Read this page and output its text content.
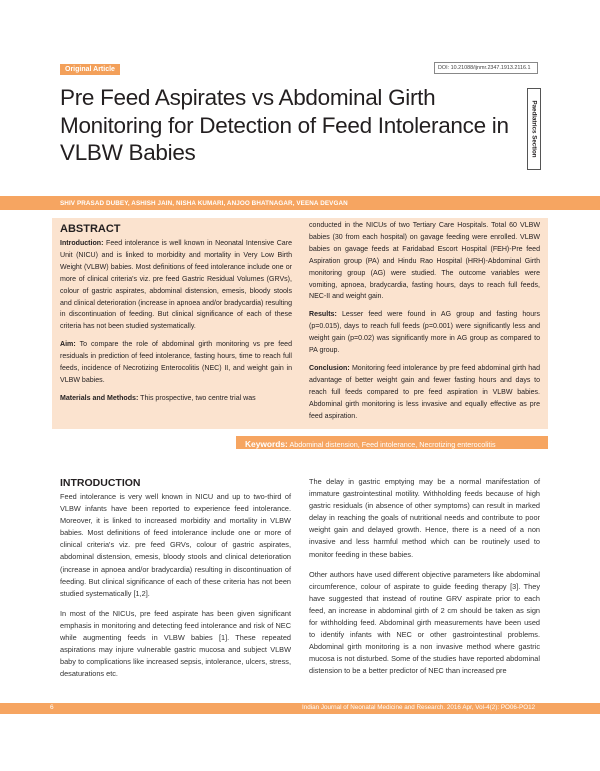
Original Article	DOI: 10.21088/ijnmr.2347.1913.2116.1
Paediatrics Section
Pre Feed Aspirates vs Abdominal Girth Monitoring for Detection of Feed Intolerance in VLBW Babies
SHIV PRASAD DUBEY, ASHISH JAIN, NISHA KUMARI, ANJOO BHATNAGAR, VEENA DEVGAN
ABSTRACT

Introduction: Feed intolerance is well known in Neonatal Intensive Care Unit (NICU) and is linked to morbidity and mortality in Very Low Birth Weight (VLBW) babies. Most definitions of feed intolerance include one or more of clinical criteria's viz. pre feed Gastric Residual Volumes (GRVs), colour of gastric aspirates, abdominal distension, emesis, bloody stools and clinical deterioration (increase in apnoea and/or bradycardia) resulting in discontinuation of feeding. But clinical significance of each of these criteria has not been studied systematically.

Aim: To compare the role of abdominal girth monitoring vs pre feed residuals in prediction of feed intolerance, fasting hours, time to reach full feeds, incidence of Necrotizing Enterocolitis (NEC) II, and weight gain in VLBW babies.

Materials and Methods: This prospective, two centre trial was

conducted in the NICUs of two Tertiary Care Hospitals. Total 60 VLBW babies (30 from each hospital) on gavage feeding were enrolled. VLBW babies on gavage feeds at Faridabad Escort Hospital (FEH)-Pre feed Aspiration group (PA) and Hindu Rao Hospital (HRH)-Abdominal Girth monitoring group (AG) were studied. The outcome variables were vomiting, apnoea, bradycardia, fasting hours, days to reach full feeds, NEC-II and weight gain.

Results: Lesser feed were found in AG group and fasting hours (p=0.015), days to reach full feeds (p=0.001) were significantly less and weight gain (p=0.02) was significantly more in AG group as compared to PA group.

Conclusion: Monitoring feed intolerance by pre feed abdominal girth had advantage of better weight gain and fewer fasting hours and days to reach full feeds compared to pre feed aspiration in VLBW babies. Abdominal girth monitoring is less invasive and equally effective as pre feed aspiration.

Keywords: Abdominal distension, Feed intolerance, Necrotizing enterocolitis
INTRODUCTION

Feed intolerance is very well known in NICU and up to two-third of VLBW infants have been reported to experience feed intolerance. Moreover, it is linked to increased morbidity and mortality in VLBW babies. Most definitions of feed intolerance include one or more of clinical criteria's viz. pre feed GRVs, colour of gastric aspirates, abdominal distension, emesis, bloody stools and clinical deterioration (increase in apnoea and/or bradycardia) resulting in discontinuation of feeding. But clinical significance of each of these criteria has not been studied systematically [1,2].

In most of the NICUs, pre feed aspirate has been given significant emphasis in monitoring and detecting feed intolerance and risk of NEC while augmenting feeds in VLBW babies [1]. These repeated aspirations may injure vulnerable gastric mucosa and subject VLBW baby to complications like increased sepsis, intolerance, ulcers, stress, desaturations etc.

The delay in gastric emptying may be a normal manifestation of immature gastrointestinal motility. Withholding feeds because of high gastric residuals (in absence of other symptoms) can result in marked delay in reaching the goals of nutritional needs and contribute to poor weight gain and delayed growth. Hence, there is a need of a non invasive and less harmful method which can be routinely used to monitor feeding in these babies.

Other authors have used different objective parameters like abdominal circumference, colour of aspirate to guide feeding therapy [3]. They have suggested that instead of routine GRV aspirate prior to each feed, an increase in abdominal girth of 2 cm should be taken as sign for withholding feed. Abdominal girth measurements have been used to identify infants with NEC or other gastrointestinal problems. Abdominal girth monitoring is a non invasive method where gastric mucosa is not disturbed. Some of the studies have reported abdominal distension to be a better predictor of NEC than increased pre

6	Indian Journal of Neonatal Medicine and Research. 2016 Apr, Vol-4(2): PO06-PO12
